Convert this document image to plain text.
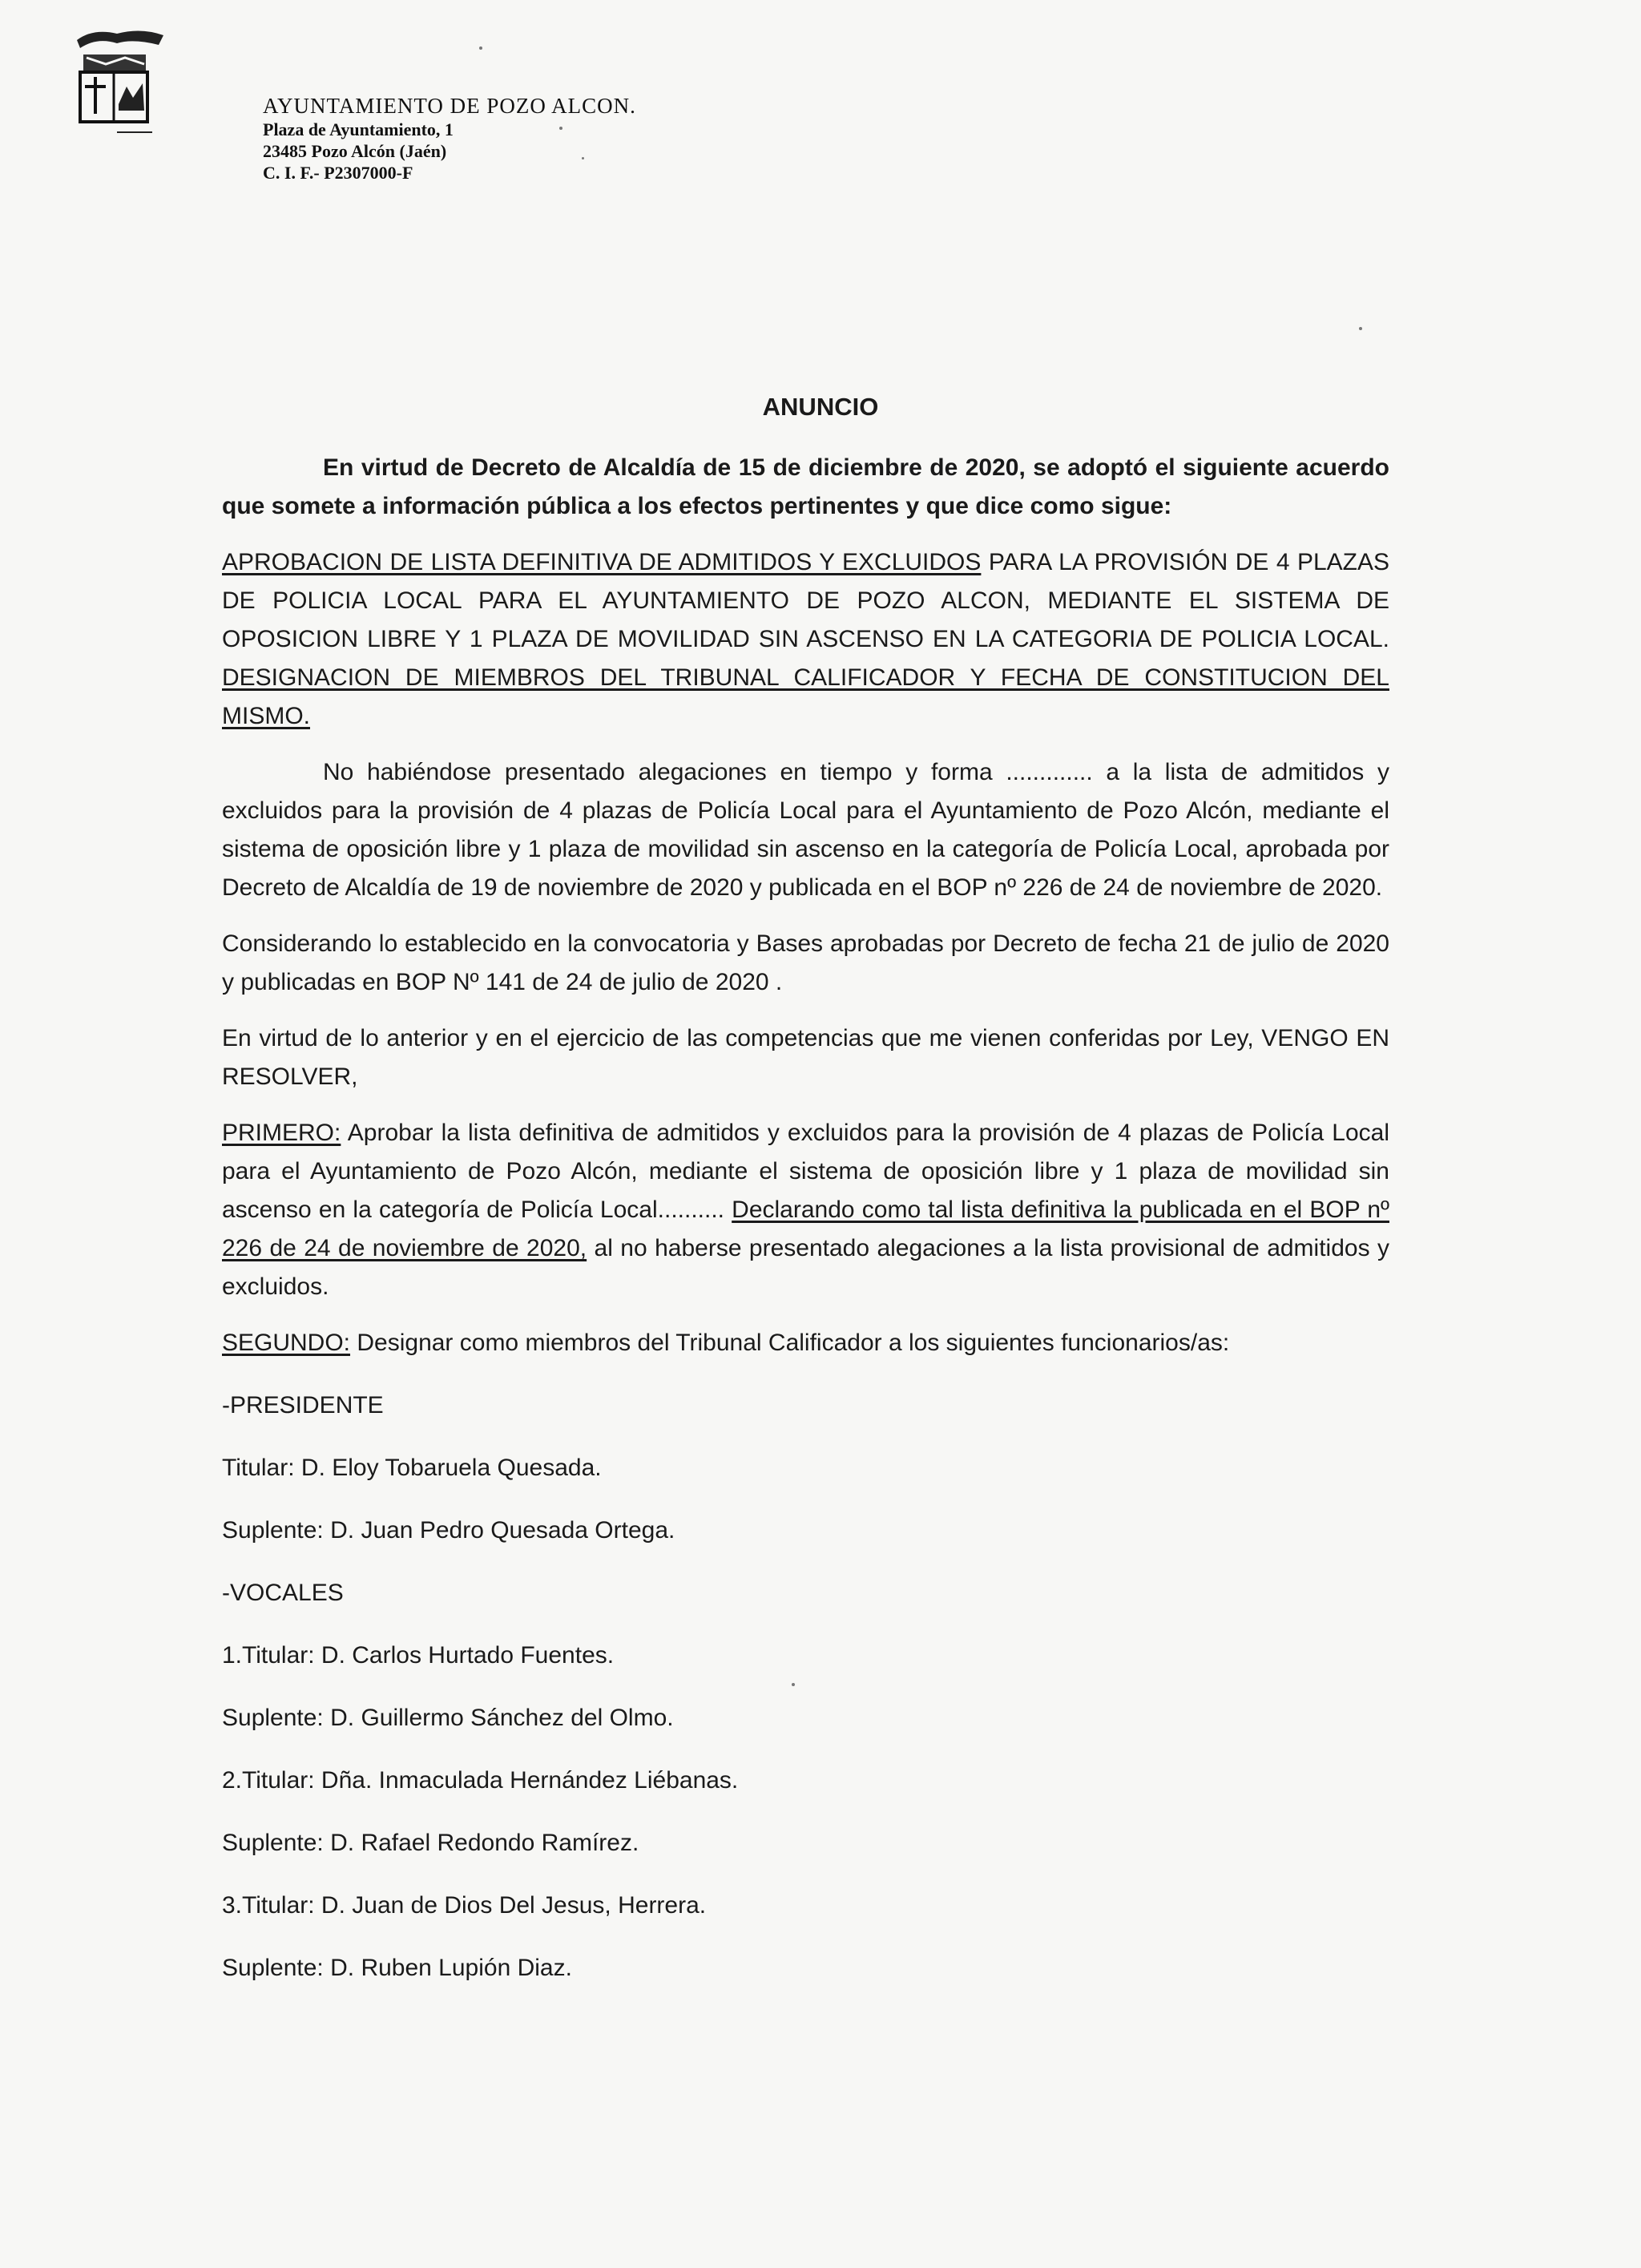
AYUNTAMIENTO DE POZO ALCON.
Plaza de Ayuntamiento, 1
23485 Pozo Alcón (Jaén)
C. I. F.- P2307000-F
ANUNCIO

En virtud de Decreto de Alcaldía de 15 de diciembre de 2020, se adoptó el siguiente acuerdo que somete a información pública a los efectos pertinentes y que dice como sigue:

APROBACION DE LISTA DEFINITIVA DE ADMITIDOS Y EXCLUIDOS PARA LA PROVISIÓN DE 4 PLAZAS DE POLICIA LOCAL PARA EL AYUNTAMIENTO DE POZO ALCON, MEDIANTE EL SISTEMA DE OPOSICION LIBRE Y 1 PLAZA DE MOVILIDAD SIN ASCENSO EN LA CATEGORIA DE POLICIA LOCAL. DESIGNACION DE MIEMBROS DEL TRIBUNAL CALIFICADOR Y FECHA DE CONSTITUCION DEL MISMO.

No habiéndose presentado alegaciones en tiempo y forma ............. a la lista de admitidos y excluidos para la provisión de 4 plazas de Policía Local para el Ayuntamiento de Pozo Alcón, mediante el sistema de oposición libre y 1 plaza de movilidad sin ascenso en la categoría de Policía Local, aprobada por Decreto de Alcaldía de 19 de noviembre de 2020 y publicada en el BOP nº 226 de 24 de noviembre de 2020.

Considerando lo establecido en la convocatoria y Bases aprobadas por Decreto de fecha 21 de julio de 2020 y publicadas en BOP Nº 141 de 24 de julio de 2020 .

En virtud de lo anterior y en el ejercicio de las competencias que me vienen conferidas por Ley, VENGO EN RESOLVER,

PRIMERO: Aprobar la lista definitiva de admitidos y excluidos para la provisión de 4 plazas de Policía Local para el Ayuntamiento de Pozo Alcón, mediante el sistema de oposición libre y 1 plaza de movilidad sin ascenso en la categoría de Policía Local.......... Declarando como tal lista definitiva la publicada en el BOP nº 226 de 24 de noviembre de 2020, al no haberse presentado alegaciones a la lista provisional de admitidos y excluidos.

SEGUNDO: Designar como miembros del Tribunal Calificador a los siguientes funcionarios/as:

-PRESIDENTE

Titular: D. Eloy Tobaruela Quesada.

Suplente: D. Juan Pedro Quesada Ortega.

-VOCALES

1.Titular: D. Carlos Hurtado Fuentes.

Suplente: D. Guillermo Sánchez del Olmo.

2.Titular: Dña. Inmaculada Hernández Liébanas.

Suplente: D. Rafael Redondo Ramírez.

3.Titular: D. Juan de Dios Del Jesus, Herrera.

Suplente: D. Ruben Lupión Diaz.
